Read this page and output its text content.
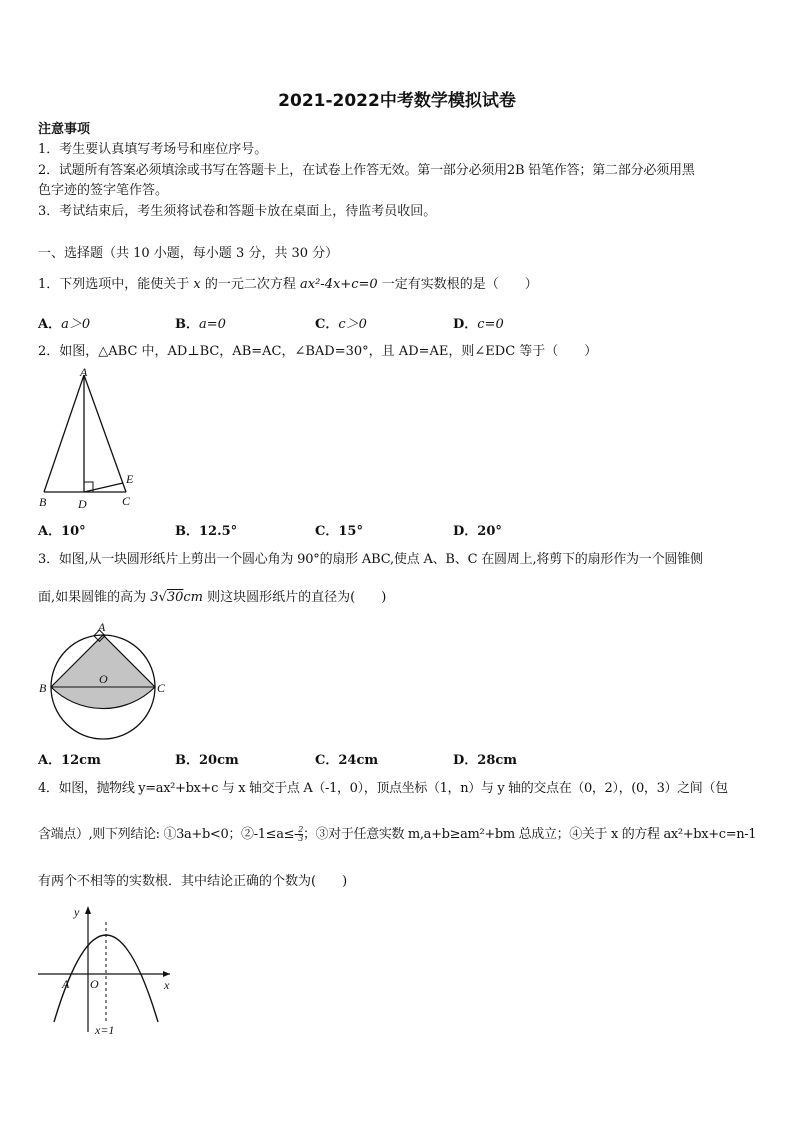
2021-2022中考数学模拟试卷
注意事项
1．考生要认真填写考场号和座位序号。
2．试题所有答案必须填涂或书写在答题卡上，在试卷上作答无效。第一部分必须用2B 铅笔作答；第二部分必须用黑
色字迹的签字笔作答。
3．考试结束后，考生须将试卷和答题卡放在桌面上，待监考员收回。
一、选择题（共 10 小题，每小题 3 分，共 30 分）
1．下列选项中，能使关于 x 的一元二次方程 ax²-4x+c=0 一定有实数根的是（　　）
A．a＞0	B．a=0	C．c＞0	D．c=0
2．如图，△ABC 中，AD⊥BC，AB=AC，∠BAD=30°，且 AD=AE，则∠EDC 等于（　　）
A
B	D	C
E
A．10°	B．12.5°	C．15°	D．20°
3．如图,从一块圆形纸片上剪出一个圆心角为 90°的扇形 ABC,使点 A、B、C 在圆周上,将剪下的扇形作为一个圆锥侧
面,如果圆锥的高为 3√30cm 则这块圆形纸片的直径为(　　)
A
B	C
O
A．12cm	B．20cm	C．24cm	D．28cm
4．如图，抛物线 y=ax²+bx+c 与 x 轴交于点 A（-1，0），顶点坐标（1，n）与 y 轴的交点在（0，2），(0，3）之间（包
含端点）,则下列结论: ①3a+b<0；②-1≤a≤- $\frac{2}{3}$ ；③对于任意实数 m,a+b≥am²+bm 总成立；④关于 x 的方程 ax²+bx+c=n-1
有两个不相等的实数根．其中结论正确的个数为(　　)
y
x
A O
x=1
